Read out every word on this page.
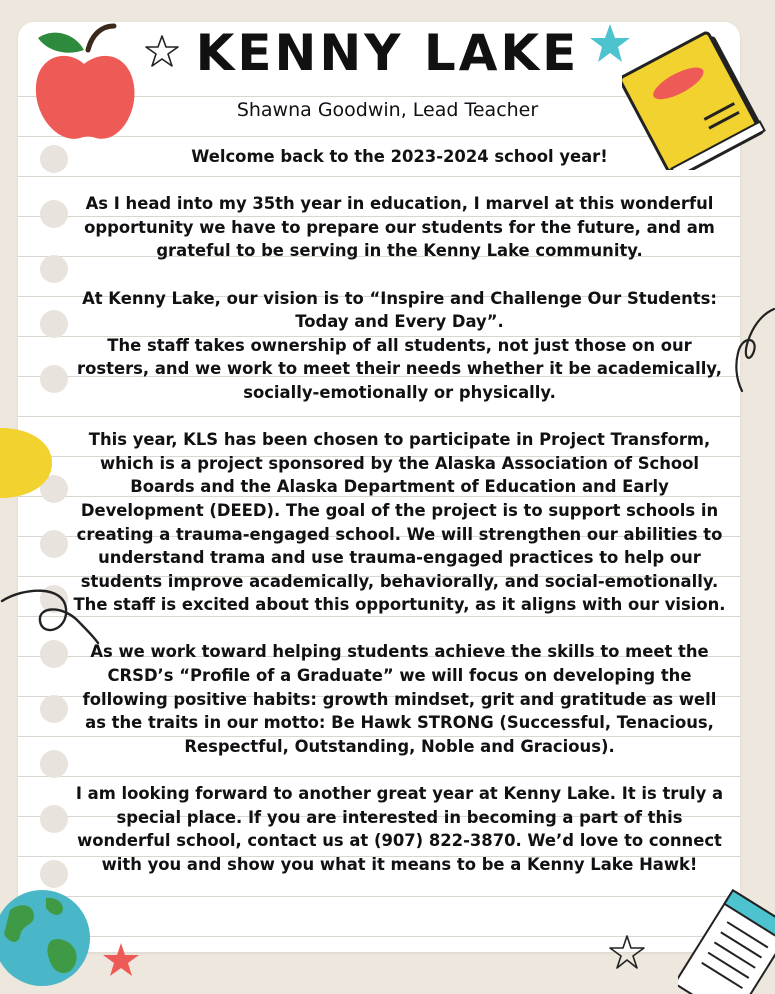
KENNY LAKE
Shawna Goodwin, Lead Teacher

Welcome back to the 2023-2024 school year!

As I head into my 35th year in education, I marvel at this wonderful opportunity we have to prepare our students for the future, and am grateful to be serving in the Kenny Lake community.

At Kenny Lake, our vision is to “Inspire and Challenge Our Students: Today and Every Day”.

The staff takes ownership of all students, not just those on our rosters, and we work to meet their needs whether it be academically, socially-emotionally or physically.

This year, KLS has been chosen to participate in Project Transform, which is a project sponsored by the Alaska Association of School Boards and the Alaska Department of Education and Early Development (DEED). The goal of the project is to support schools in creating a trauma-engaged school. We will strengthen our abilities to understand trama and use trauma-engaged practices to help our students improve academically, behaviorally, and social-emotionally. The staff is excited about this opportunity, as it aligns with our vision.

As we work toward helping students achieve the skills to meet the CRSD’s “Profile of a Graduate” we will focus on developing the following positive habits: growth mindset, grit and gratitude as well as the traits in our motto: Be Hawk STRONG (Successful, Tenacious, Respectful, Outstanding, Noble and Gracious).

I am looking forward to another great year at Kenny Lake. It is truly a special place. If you are interested in becoming a part of this wonderful school, contact us at (907) 822-3870. We’d love to connect with you and show you what it means to be a Kenny Lake Hawk!
